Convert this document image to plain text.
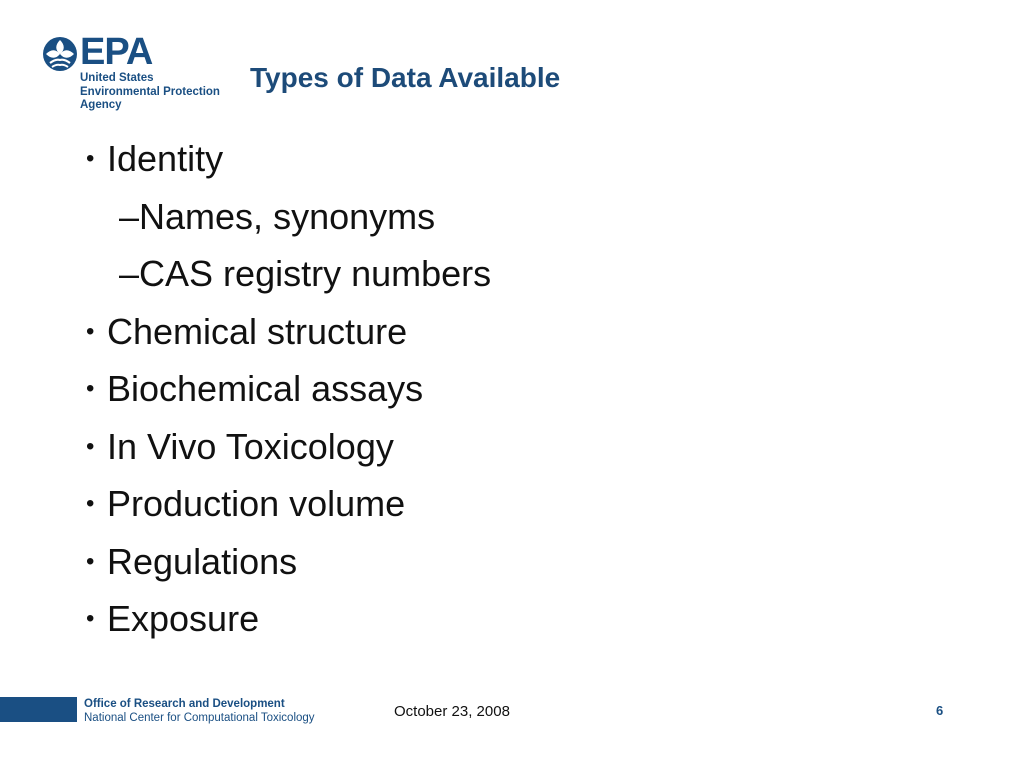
EPA
United States
Environmental Protection
Agency
Types of Data Available
• Identity
–Names, synonyms
–CAS registry numbers
• Chemical structure
• Biochemical assays
• In Vivo Toxicology
• Production volume
• Regulations
• Exposure
Office of Research and Development
National Center for Computational Toxicology	October 23, 2008	6
